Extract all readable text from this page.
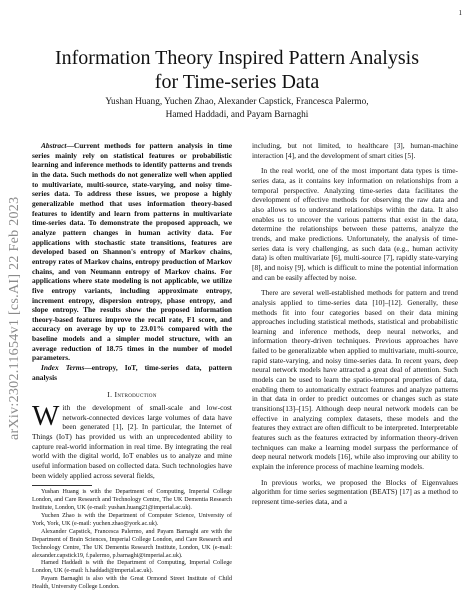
1
arXiv:2302.11654v1 [cs.AI] 22 Feb 2023
Information Theory Inspired Pattern Analysis
for Time-series Data
Yushan Huang, Yuchen Zhao, Alexander Capstick, Francesca Palermo,
Hamed Haddadi, and Payam Barnaghi

Abstract—Current methods for pattern analysis in time series mainly rely on statistical features or probabilistic learning and inference methods to identify patterns and trends in the data. Such methods do not generalize well when applied to multivariate, multi-source, state-varying, and noisy time-series data. To address these issues, we propose a highly generalizable method that uses information theory-based features to identify and learn from patterns in multivariate time-series data. To demonstrate the proposed approach, we analyze pattern changes in human activity data. For applications with stochastic state transitions, features are developed based on Shannon's entropy of Markov chains, entropy rates of Markov chains, entropy production of Markov chains, and von Neumann entropy of Markov chains. For applications where state modeling is not applicable, we utilize five entropy variants, including approximate entropy, increment entropy, dispersion entropy, phase entropy, and slope entropy. The results show the proposed information theory-based features improve the recall rate, F1 score, and accuracy on average by up to 23.01% compared with the baseline models and a simpler model structure, with an average reduction of 18.75 times in the number of model parameters.

Index Terms—entropy, IoT, time-series data, pattern analysis

I. Introduction

With the development of small-scale and low-cost network-connected devices large volumes of data have been generated [1], [2]. In particular, the Internet of Things (IoT) has provided us with an unprecedented ability to capture real-world information in real time. By integrating the real world with the digital world, IoT enables us to analyze and mine useful information based on collected data. Such technologies have been widely applied across several fields,

Yushan Huang is with the Department of Computing, Imperial College London, and Care Research and Technology Centre, The UK Dementia Research Institute, London, UK (e-mail: yushan.huang21@imperial.ac.uk).

Yuchen Zhao is with the Department of Computer Science, University of York, York, UK (e-mail: yuchen.zhao@york.ac.uk).

Alexander Capstick, Francesca Palermo, and Payam Barnaghi are with the Department of Brain Sciences, Imperial College London, and Care Research and Technology Centre, The UK Dementia Research Institute, London, UK (e-mail: alexander.capstick19, f.palermo, p.barnaghi@imperial.ac.uk).

Hamed Haddadi is with the Department of Computing, Imperial College London, UK (e-mail: h.haddadi@imperial.ac.uk).

Payam Barnaghi is also with the Great Ormond Street Institute of Child Health, University College London.

including, but not limited, to healthcare [3], human-machine interaction [4], and the development of smart cities [5].

In the real world, one of the most important data types is time-series data, as it contains key information on relationships from a temporal perspective. Analyzing time-series data facilitates the development of effective methods for observing the raw data and also allows us to understand relationships within the data. It also enables us to uncover the various patterns that exist in the data, determine the relationships between these patterns, analyze the trends, and make predictions. Unfortunately, the analysis of time-series data is very challenging, as such data (e.g., human activity data) is often multivariate [6], multi-source [7], rapidly state-varying [8], and noisy [9], which is difficult to mine the potential information and can be easily affected by noise.

There are several well-established methods for pattern and trend analysis applied to time-series data [10]–[12]. Generally, these methods fit into four categories based on their data mining approaches including statistical methods, statistical and probabilistic learning and inference methods, deep neural networks, and information theory-driven techniques. Previous approaches have failed to be generalizable when applied to multivariate, multi-source, rapid state-varying, and noisy time-series data. In recent years, deep neural network models have attracted a great deal of attention. Such models can be used to learn the spatio-temporal properties of data, enabling them to automatically extract features and analyze patterns in that data in order to predict outcomes or changes such as state transitions[13]–[15]. Although deep neural network models can be effective in analyzing complex datasets, these models and the features they extract are often difficult to be interpreted. Interpretable features such as the features extracted by information theory-driven techniques can make a learning model surpass the performance of deep neural network models [16], while also improving our ability to explain the inference process of machine learning models.

In previous works, we proposed the Blocks of Eigenvalues algorithm for time series segmentation (BEATS) [17] as a method to represent time-series data, and a
